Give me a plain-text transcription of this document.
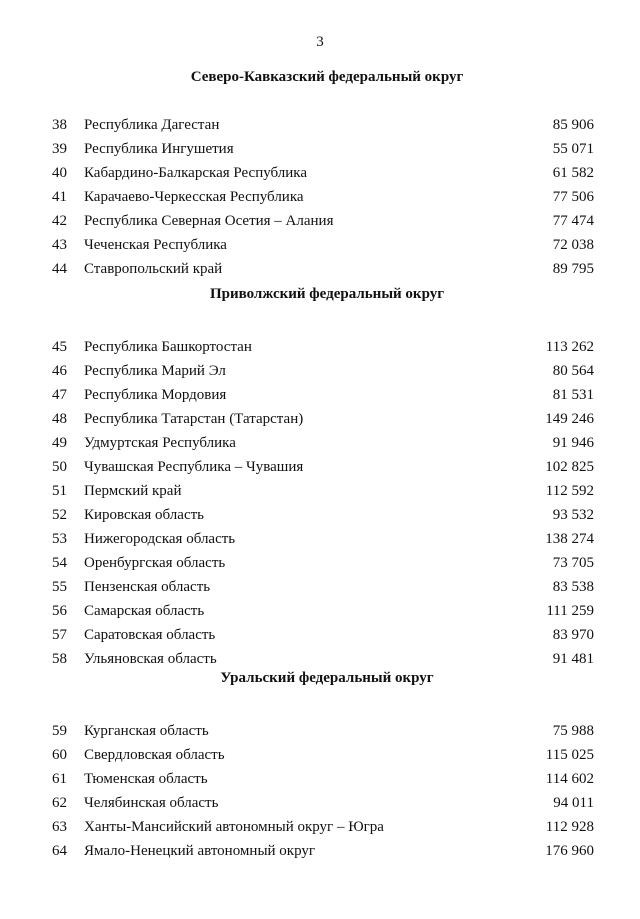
3
Северо-Кавказский федеральный округ
38	Республика Дагестан	85 906
39	Республика Ингушетия	55 071
40	Кабардино-Балкарская Республика	61 582
41	Карачаево-Черкесская Республика	77 506
42	Республика Северная Осетия – Алания	77 474
43	Чеченская Республика	72 038
44	Ставропольский край	89 795
Приволжский федеральный округ
45	Республика Башкортостан	113 262
46	Республика Марий Эл	80 564
47	Республика Мордовия	81 531
48	Республика Татарстан (Татарстан)	149 246
49	Удмуртская Республика	91 946
50	Чувашская Республика – Чувашия	102 825
51	Пермский край	112 592
52	Кировская область	93 532
53	Нижегородская область	138 274
54	Оренбургская область	73 705
55	Пензенская область	83 538
56	Самарская область	111 259
57	Саратовская область	83 970
58	Ульяновская область	91 481
Уральский федеральный округ
59	Курганская область	75 988
60	Свердловская область	115 025
61	Тюменская область	114 602
62	Челябинская область	94 011
63	Ханты-Мансийский автономный округ – Югра	112 928
64	Ямало-Ненецкий автономный округ	176 960
